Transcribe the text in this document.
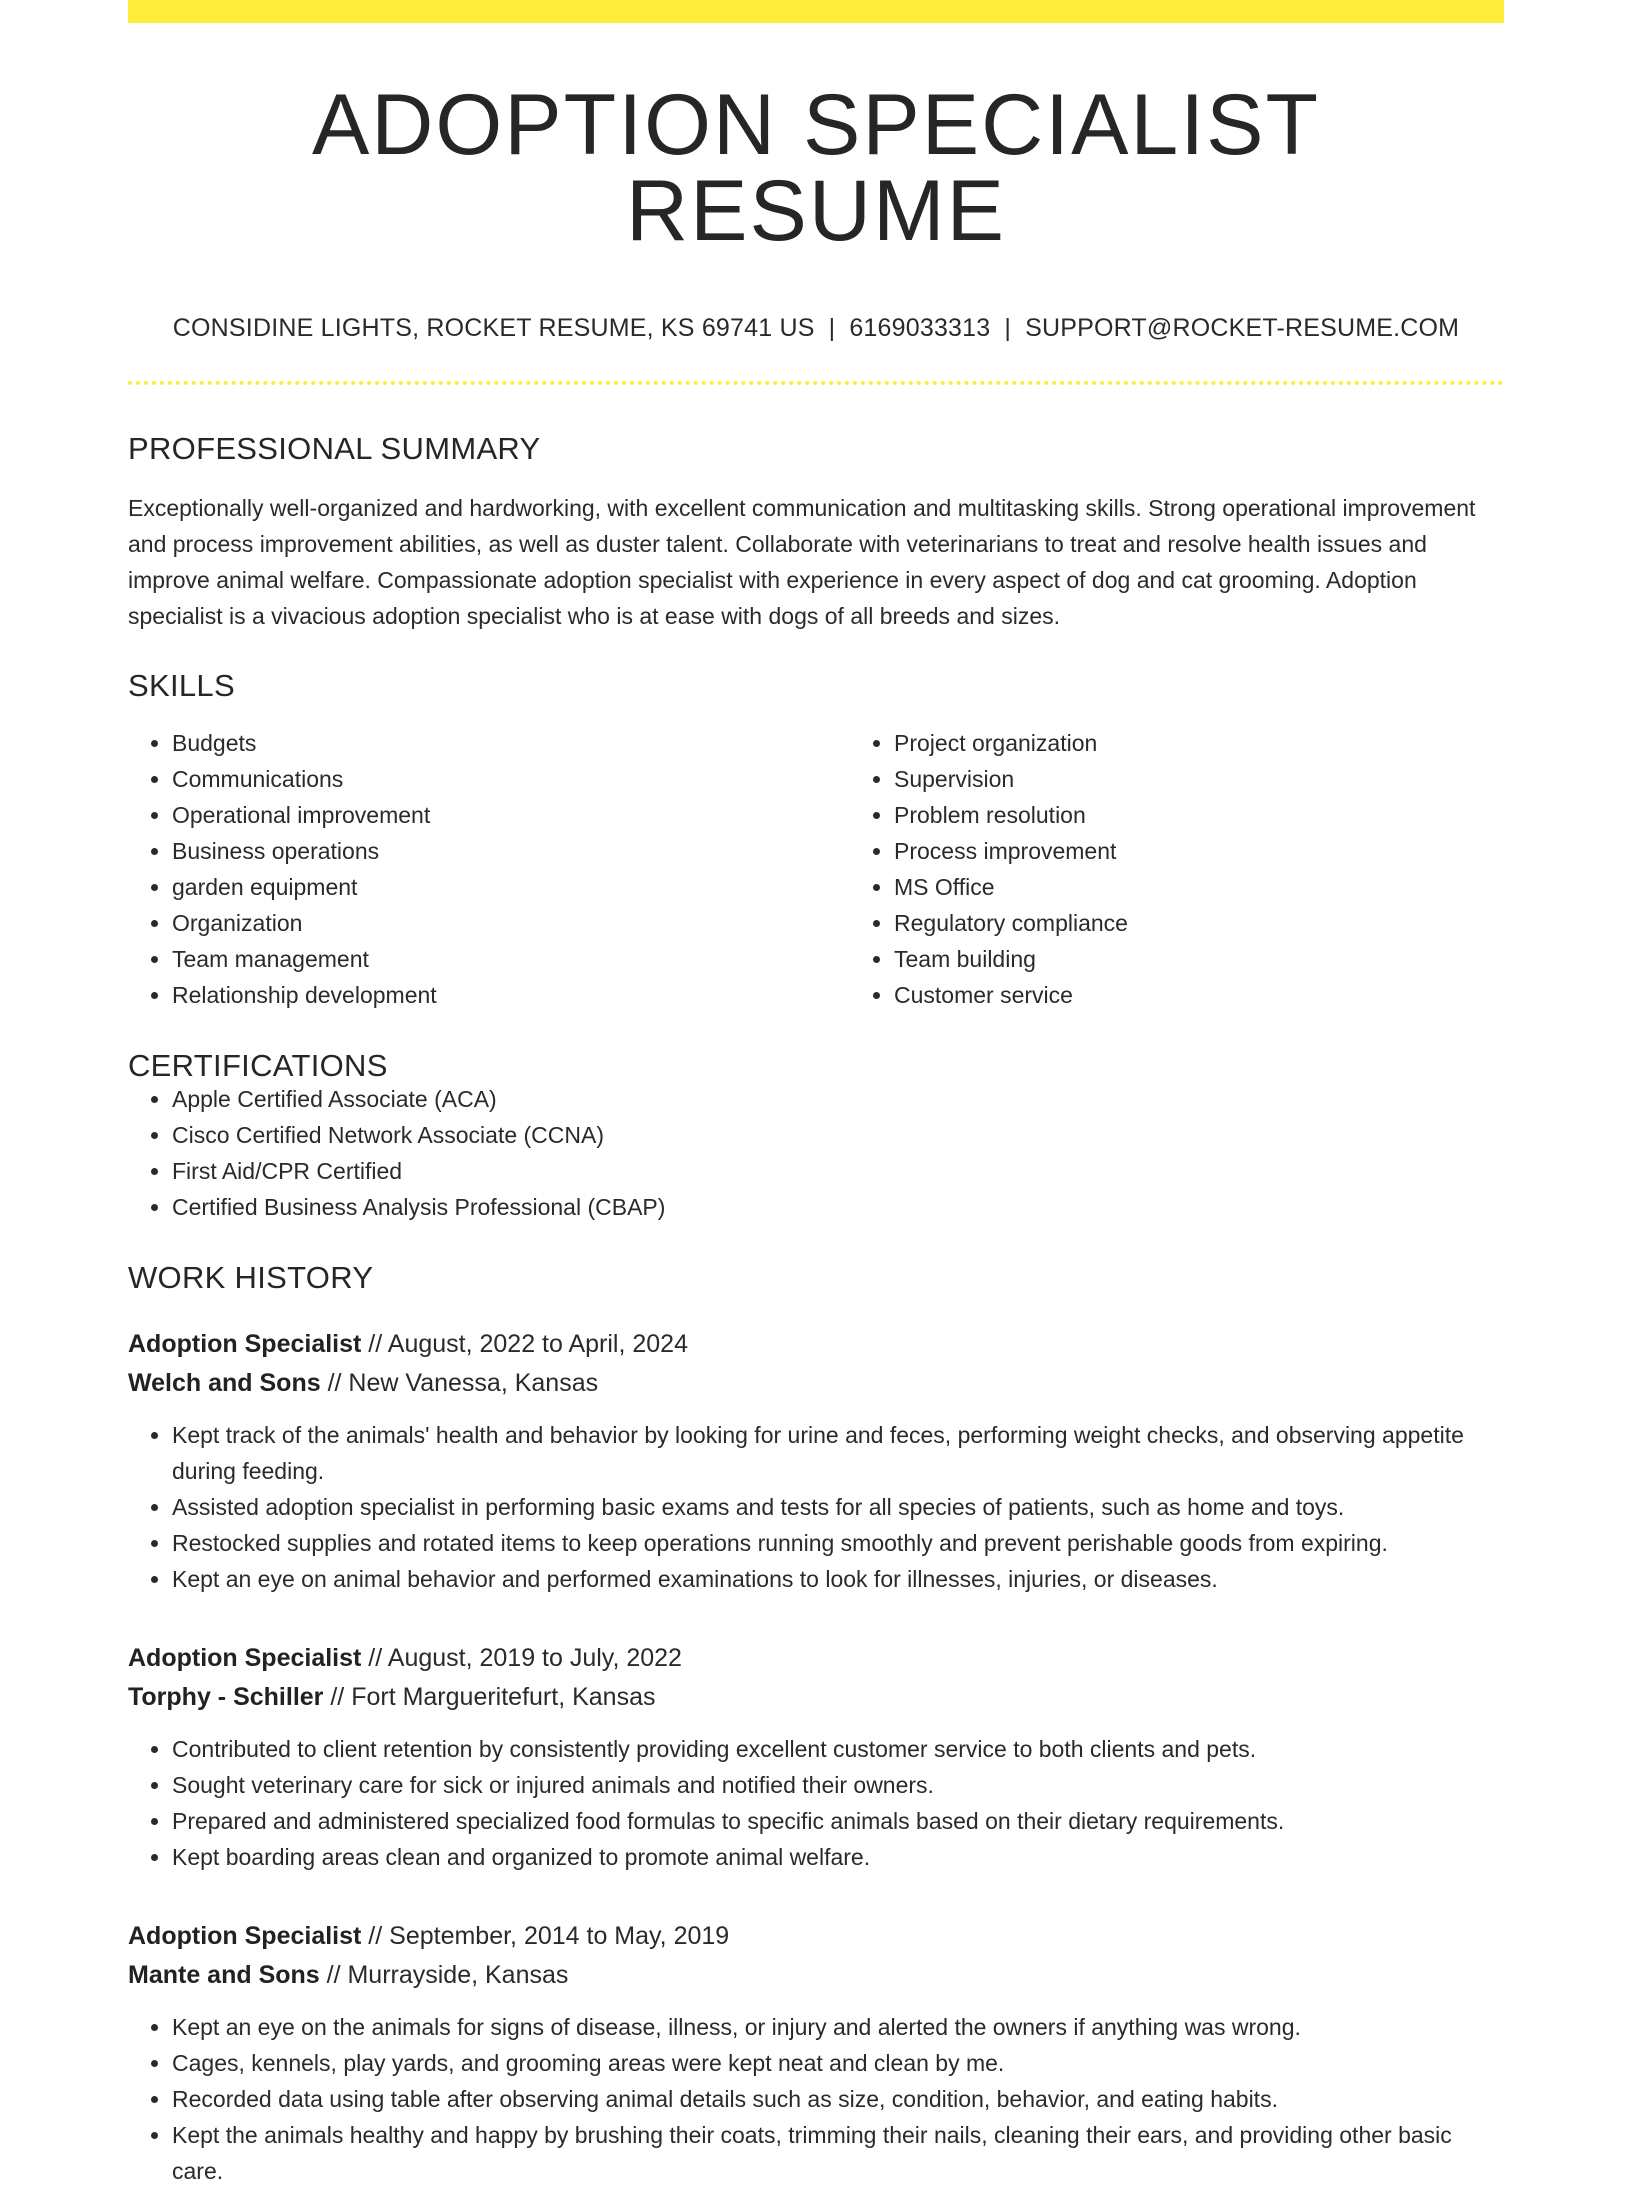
ADOPTION SPECIALIST RESUME
CONSIDINE LIGHTS, ROCKET RESUME, KS 69741 US | 6169033313 | SUPPORT@ROCKET-RESUME.COM
PROFESSIONAL SUMMARY

Exceptionally well-organized and hardworking, with excellent communication and multitasking skills. Strong operational improvement and process improvement abilities, as well as duster talent. Collaborate with veterinarians to treat and resolve health issues and improve animal welfare. Compassionate adoption specialist with experience in every aspect of dog and cat grooming. Adoption specialist is a vivacious adoption specialist who is at ease with dogs of all breeds and sizes.

SKILLS
• Budgets
• Communications
• Operational improvement
• Business operations
• garden equipment
• Organization
• Team management
• Relationship development
• Project organization
• Supervision
• Problem resolution
• Process improvement
• MS Office
• Regulatory compliance
• Team building
• Customer service
CERTIFICATIONS
• Apple Certified Associate (ACA)
• Cisco Certified Network Associate (CCNA)
• First Aid/CPR Certified
• Certified Business Analysis Professional (CBAP)
WORK HISTORY
Adoption Specialist // August, 2022 to April, 2024
Welch and Sons // New Vanessa, Kansas
• Kept track of the animals' health and behavior by looking for urine and feces, performing weight checks, and observing appetite during feeding.
• Assisted adoption specialist in performing basic exams and tests for all species of patients, such as home and toys.
• Restocked supplies and rotated items to keep operations running smoothly and prevent perishable goods from expiring.
• Kept an eye on animal behavior and performed examinations to look for illnesses, injuries, or diseases.
Adoption Specialist // August, 2019 to July, 2022
Torphy - Schiller // Fort Margueritefurt, Kansas
• Contributed to client retention by consistently providing excellent customer service to both clients and pets.
• Sought veterinary care for sick or injured animals and notified their owners.
• Prepared and administered specialized food formulas to specific animals based on their dietary requirements.
• Kept boarding areas clean and organized to promote animal welfare.
Adoption Specialist // September, 2014 to May, 2019
Mante and Sons // Murrayside, Kansas
• Kept an eye on the animals for signs of disease, illness, or injury and alerted the owners if anything was wrong.
• Cages, kennels, play yards, and grooming areas were kept neat and clean by me.
• Recorded data using table after observing animal details such as size, condition, behavior, and eating habits.
• Kept the animals healthy and happy by brushing their coats, trimming their nails, cleaning their ears, and providing other basic care.
